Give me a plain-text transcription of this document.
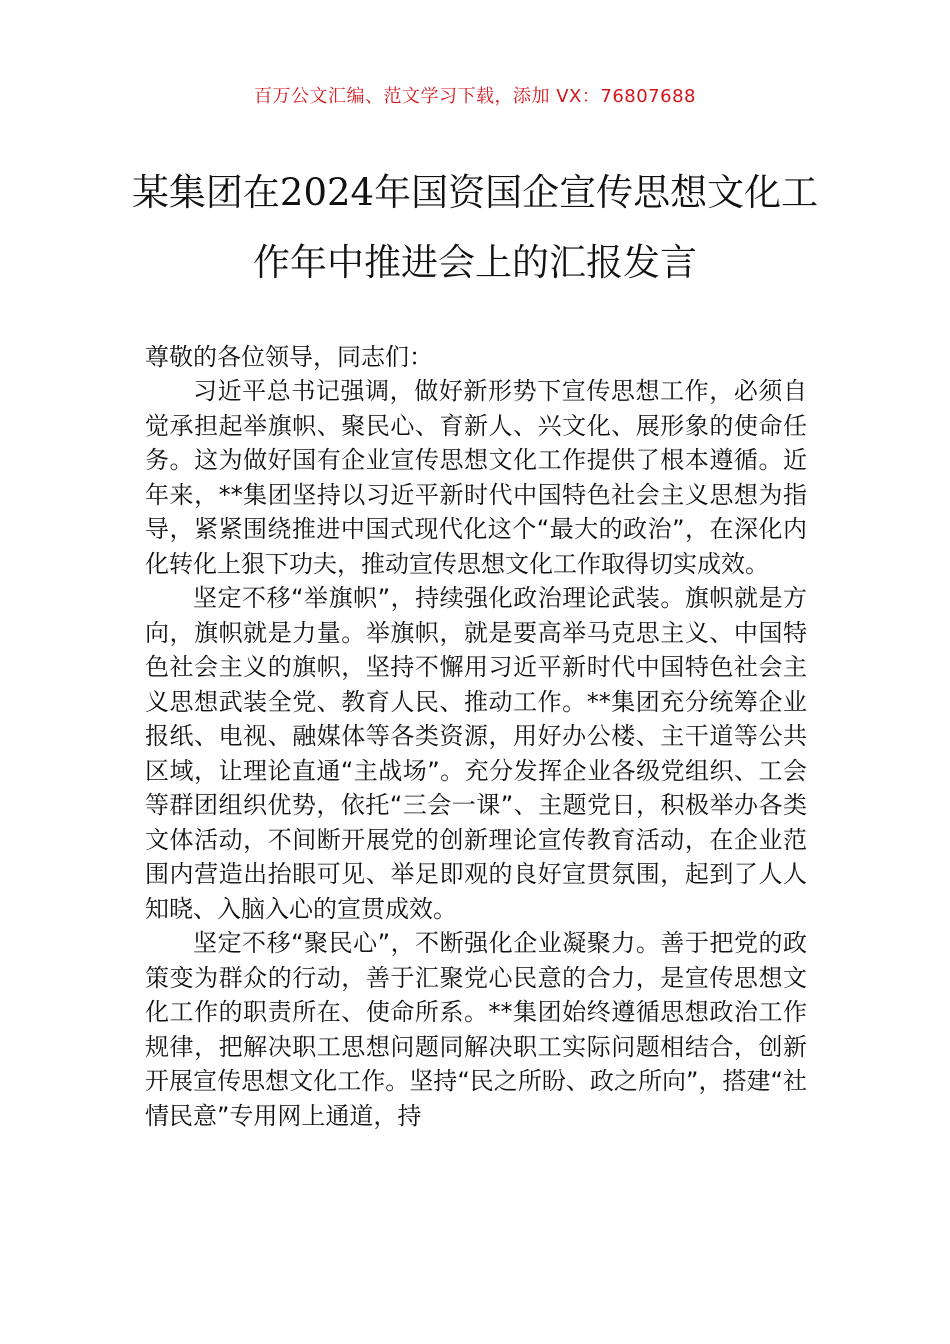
百万公文汇编、范文学习下载，添加 VX：76807688
某集团在2024年国资国企宣传思想文化工
作年中推进会上的汇报发言

尊敬的各位领导，同志们：

习近平总书记强调，做好新形势下宣传思想工作，必须自觉承担起举旗帜、聚民心、育新人、兴文化、展形象的使命任务。这为做好国有企业宣传思想文化工作提供了根本遵循。近年来，**集团坚持以习近平新时代中国特色社会主义思想为指导，紧紧围绕推进中国式现代化这个“最大的政治”，在深化内化转化上狠下功夫，推动宣传思想文化工作取得切实成效。

坚定不移“举旗帜”，持续强化政治理论武装。旗帜就是方向，旗帜就是力量。举旗帜，就是要高举马克思主义、中国特色社会主义的旗帜，坚持不懈用习近平新时代中国特色社会主义思想武装全党、教育人民、推动工作。**集团充分统筹企业报纸、电视、融媒体等各类资源，用好办公楼、主干道等公共区域，让理论直通“主战场”。充分发挥企业各级党组织、工会等群团组织优势，依托“三会一课”、主题党日，积极举办各类文体活动，不间断开展党的创新理论宣传教育活动，在企业范围内营造出抬眼可见、举足即观的良好宣贯氛围，起到了人人知晓、入脑入心的宣贯成效。

坚定不移“聚民心”，不断强化企业凝聚力。善于把党的政策变为群众的行动，善于汇聚党心民意的合力，是宣传思想文化工作的职责所在、使命所系。**集团始终遵循思想政治工作规律，把解决职工思想问题同解决职工实际问题相结合，创新开展宣传思想文化工作。坚持“民之所盼、政之所向”，搭建“社情民意”专用网上通道，持
